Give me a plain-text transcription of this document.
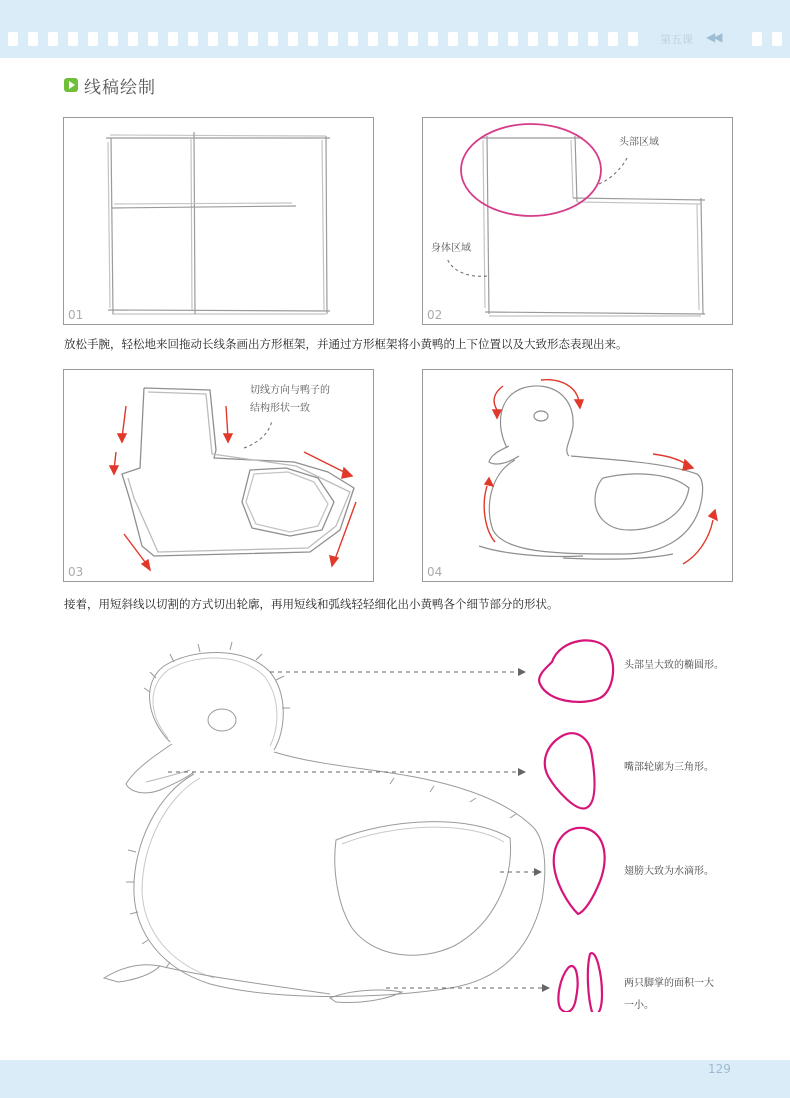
第五课 ◀◀
线稿绘制
01
头部区域
身体区域
02
放松手腕，轻松地来回拖动长线条画出方形框架，并通过方形框架将小黄鸭的上下位置以及大致形态表现出来。
切线方向与鸭子的
结构形状一致
03	04
接着，用短斜线以切割的方式切出轮廓，再用短线和弧线轻轻细化出小黄鸭各个细节部分的形状。
头部呈大致的椭圆形。
嘴部轮廓为三角形。
翅膀大致为水滴形。
两只脚掌的面积一大
一小。
129
